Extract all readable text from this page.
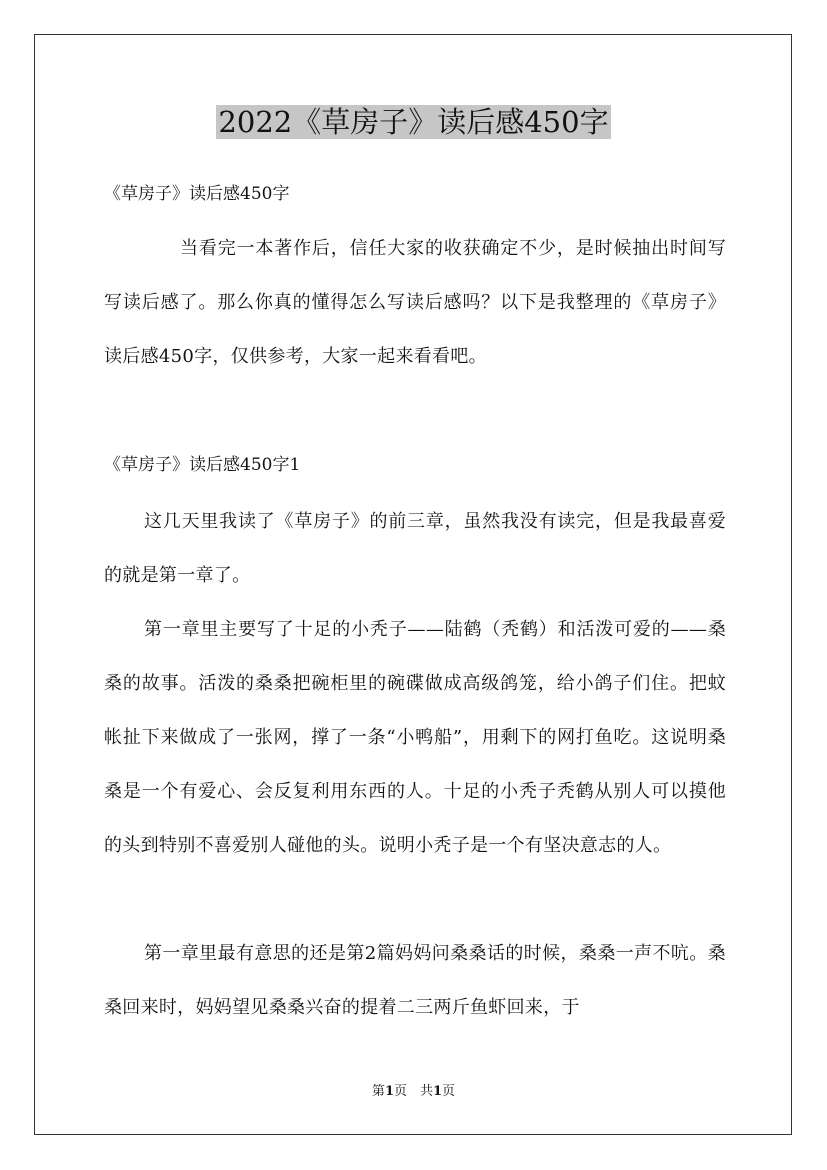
2022《草房子》读后感450字

《草房子》读后感450字

当看完一本著作后，信任大家的收获确定不少，是时候抽出时间写写读后感了。那么你真的懂得怎么写读后感吗？以下是我整理的《草房子》读后感450字，仅供参考，大家一起来看看吧。

《草房子》读后感450字1

这几天里我读了《草房子》的前三章，虽然我没有读完，但是我最喜爱的就是第一章了。

第一章里主要写了十足的小秃子——陆鹤（秃鹤）和活泼可爱的——桑桑的故事。活泼的桑桑把碗柜里的碗碟做成高级鸽笼，给小鸽子们住。把蚊帐扯下来做成了一张网，撑了一条“小鸭船”，用剩下的网打鱼吃。这说明桑桑是一个有爱心、会反复利用东西的人。十足的小秃子秃鹤从别人可以摸他的头到特别不喜爱别人碰他的头。说明小秃子是一个有坚决意志的人。

第一章里最有意思的还是第2篇妈妈问桑桑话的时候，桑桑一声不吭。桑桑回来时，妈妈望见桑桑兴奋的提着二三两斤鱼虾回来，于

第1页　共1页
